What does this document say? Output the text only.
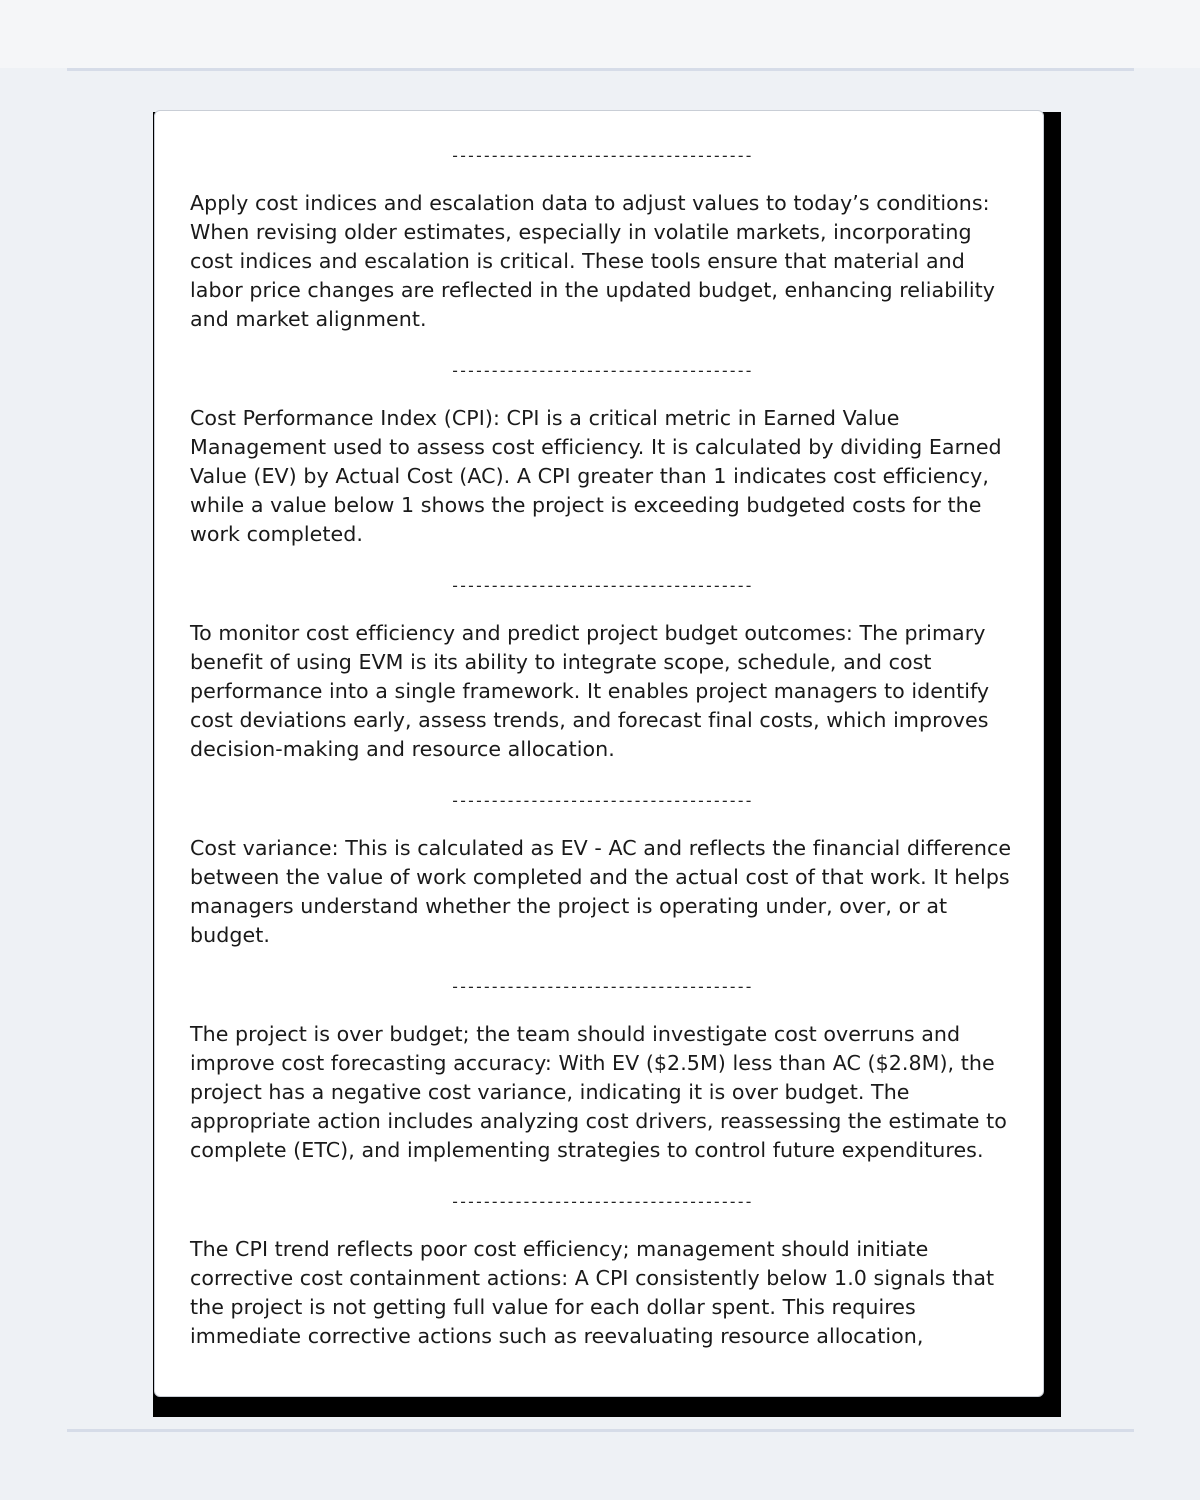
--------------------------------------

Apply cost indices and escalation data to adjust values to today’s conditions: When revising older estimates, especially in volatile markets, incorporating cost indices and escalation is critical. These tools ensure that material and labor price changes are reflected in the updated budget, enhancing reliability and market alignment.

--------------------------------------

Cost Performance Index (CPI): CPI is a critical metric in Earned Value Management used to assess cost efficiency. It is calculated by dividing Earned Value (EV) by Actual Cost (AC). A CPI greater than 1 indicates cost efficiency, while a value below 1 shows the project is exceeding budgeted costs for the work completed.

--------------------------------------

To monitor cost efficiency and predict project budget outcomes: The primary benefit of using EVM is its ability to integrate scope, schedule, and cost performance into a single framework. It enables project managers to identify cost deviations early, assess trends, and forecast final costs, which improves decision-making and resource allocation.

--------------------------------------

Cost variance: This is calculated as EV - AC and reflects the financial difference between the value of work completed and the actual cost of that work. It helps managers understand whether the project is operating under, over, or at budget.

--------------------------------------

The project is over budget; the team should investigate cost overruns and improve cost forecasting accuracy: With EV ($2.5M) less than AC ($2.8M), the project has a negative cost variance, indicating it is over budget. The appropriate action includes analyzing cost drivers, reassessing the estimate to complete (ETC), and implementing strategies to control future expenditures.

--------------------------------------

The CPI trend reflects poor cost efficiency; management should initiate corrective cost containment actions: A CPI consistently below 1.0 signals that the project is not getting full value for each dollar spent. This requires immediate corrective actions such as reevaluating resource allocation,
